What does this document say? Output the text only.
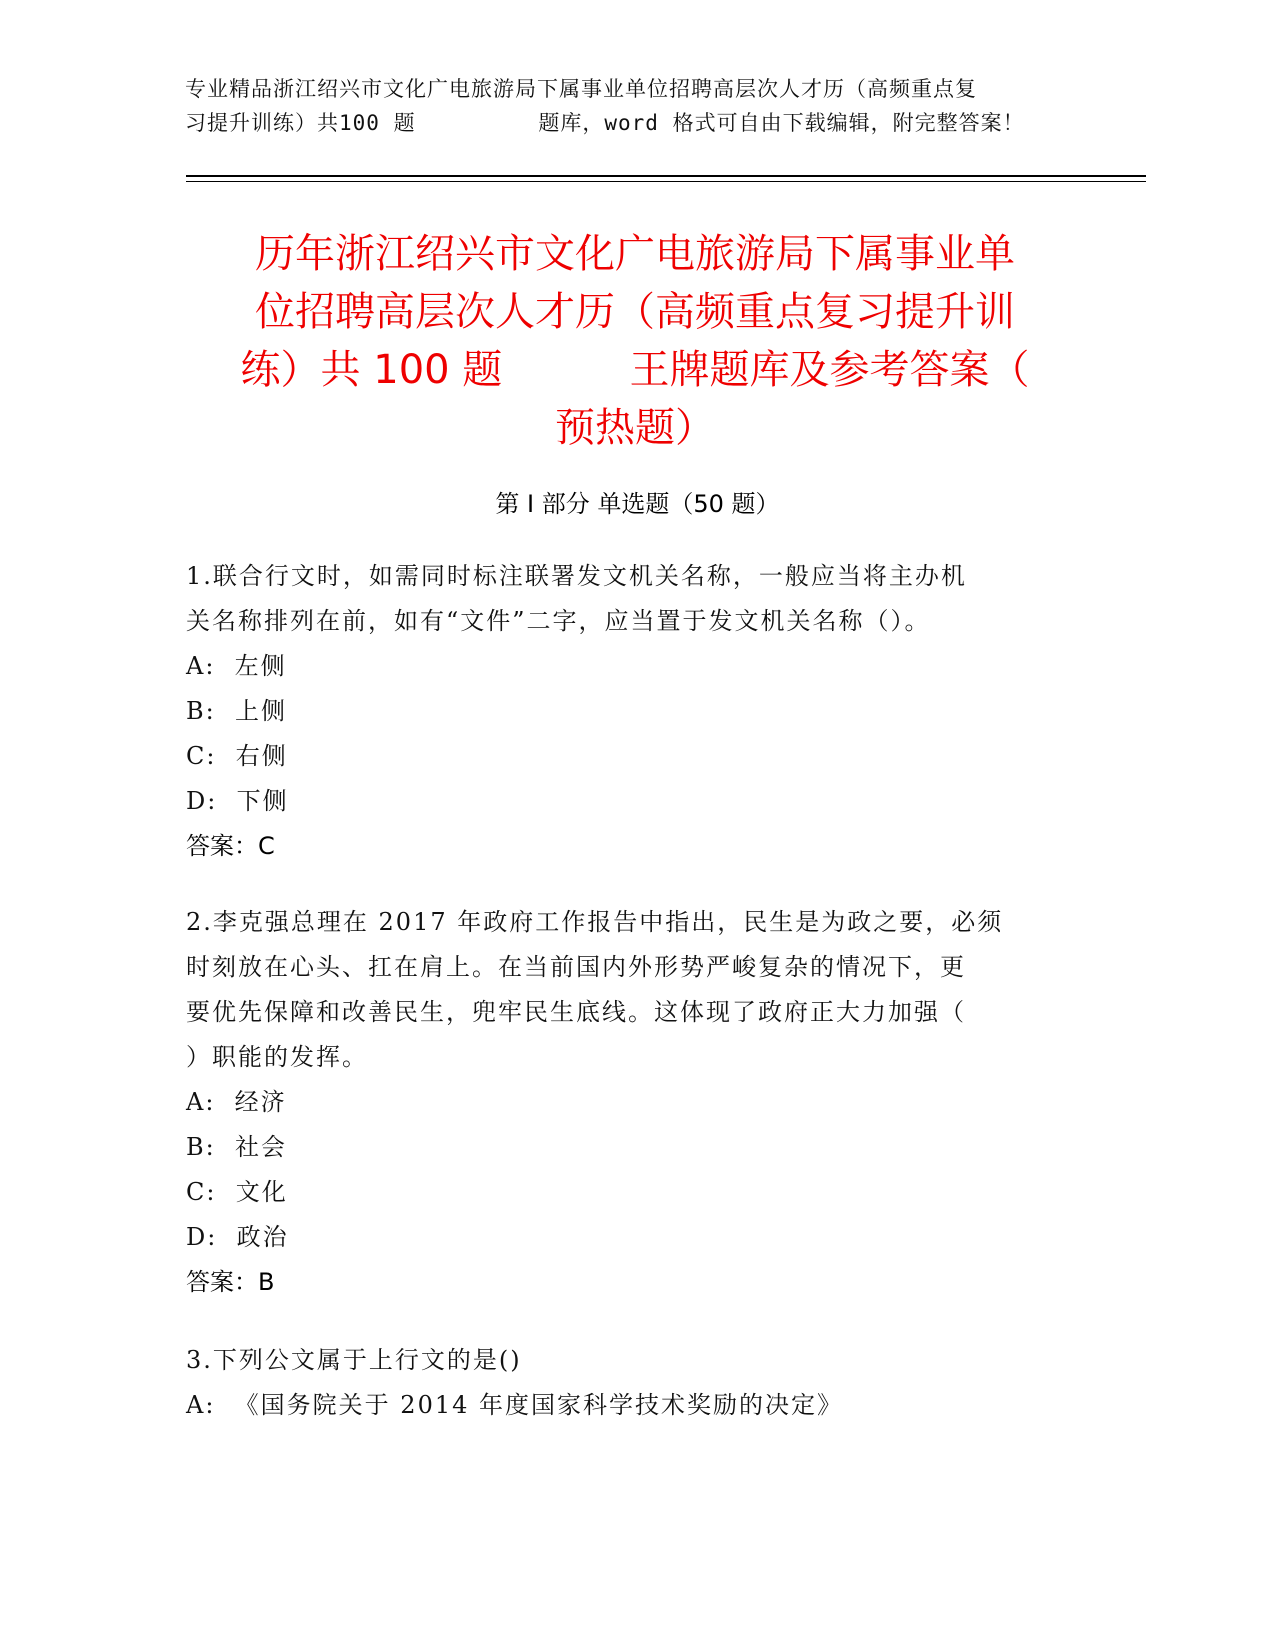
专业精品浙江绍兴市文化广电旅游局下属事业单位招聘高层次人才历（高频重点复
习提升训练）共100 题         题库，word 格式可自由下载编辑，附完整答案！
历年浙江绍兴市文化广电旅游局下属事业单
位招聘高层次人才历（高频重点复习提升训
练）共 100 题          王牌题库及参考答案（
预热题）
第 I 部分 单选题（50 题）
1.联合行文时，如需同时标注联署发文机关名称，一般应当将主办机
关名称排列在前，如有“文件”二字，应当置于发文机关名称（）。
A:  左侧
B:  上侧
C:  右侧
D:  下侧
答案：C
2.李克强总理在 2017 年政府工作报告中指出，民生是为政之要，必须
时刻放在心头、扛在肩上。在当前国内外形势严峻复杂的情况下，更
要优先保障和改善民生，兜牢民生底线。这体现了政府正大力加强（
）职能的发挥。
A:  经济
B:  社会
C:  文化
D:  政治
答案：B
3.下列公文属于上行文的是()
A:  《国务院关于 2014 年度国家科学技术奖励的决定》
